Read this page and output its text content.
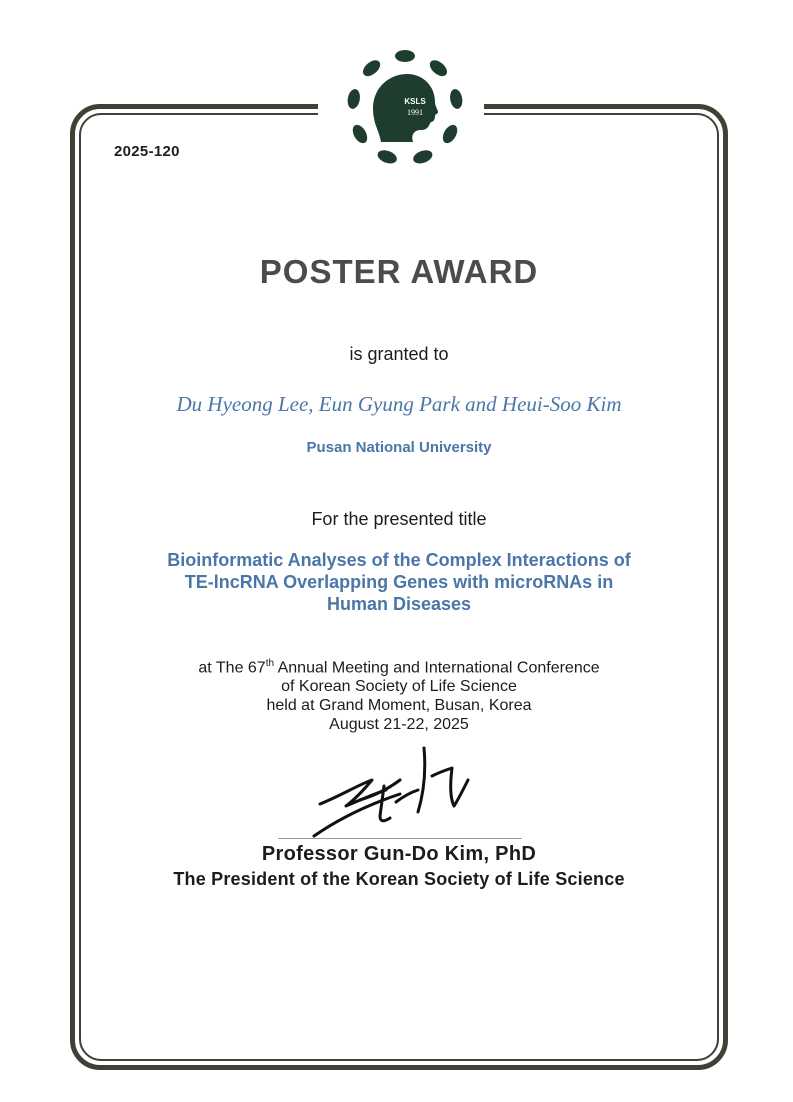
KSLS
1991
2025-120
POSTER AWARD
is granted to
Du Hyeong Lee, Eun Gyung Park and Heui-Soo Kim
Pusan National University
For the presented title
Bioinformatic Analyses of the Complex Interactions of
TE-lncRNA Overlapping Genes with microRNAs in
Human Diseases
at The 67th Annual Meeting and International Conference
of Korean Society of Life Science
held at Grand Moment, Busan, Korea
August 21-22, 2025
Professor Gun-Do Kim, PhD
The President of the Korean Society of Life Science
